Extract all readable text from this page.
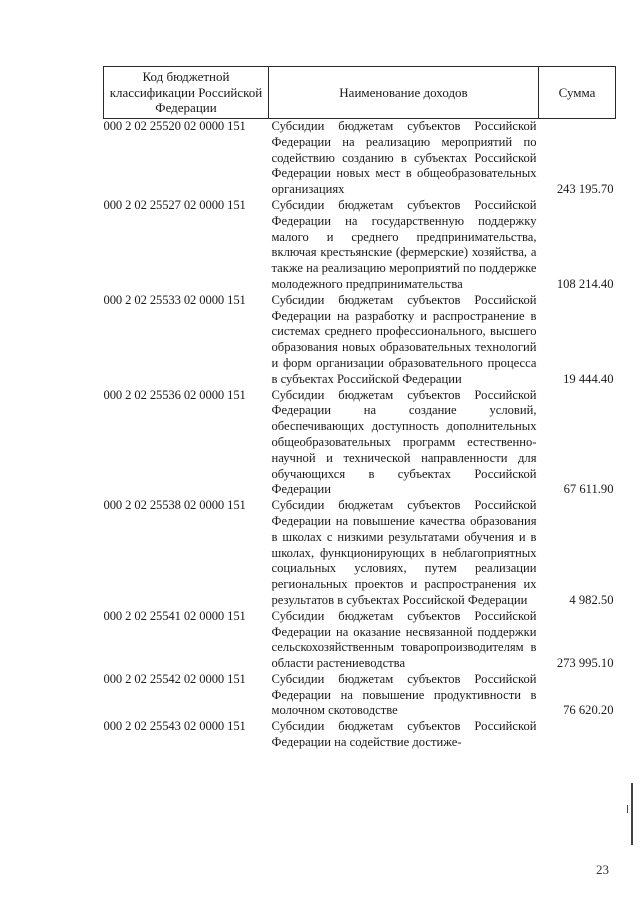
Код бюджетной классификации Российской Федерации	Наименование доходов	Сумма
000 2 02 25520 02 0000 151	Субсидии бюджетам субъектов Российской Федерации на реализацию мероприятий по содействию созданию в субъектах Российской Федерации новых мест в общеобразовательных организациях	243 195.70
000 2 02 25527 02 0000 151	Субсидии бюджетам субъектов Российской Федерации на государственную поддержку малого и среднего предпринимательства, включая крестьянские (фермерские) хозяйства, а также на реализацию мероприятий по поддержке молодежного предпринимательства	108 214.40
000 2 02 25533 02 0000 151	Субсидии бюджетам субъектов Российской Федерации на разработку и распространение в системах среднего профессионального, высшего образования новых образовательных технологий и форм организации образовательного процесса в субъектах Российской Федерации	19 444.40
000 2 02 25536 02 0000 151	Субсидии бюджетам субъектов Российской Федерации на создание условий, обеспечивающих доступность дополнительных общеобразовательных программ естественно-научной и технической направленности для обучающихся в субъектах Российской Федерации	67 611.90
000 2 02 25538 02 0000 151	Субсидии бюджетам субъектов Российской Федерации на повышение качества образования в школах с низкими результатами обучения и в школах, функционирующих в неблагоприятных социальных условиях, путем реализации региональных проектов и распространения их результатов в субъектах Российской Федерации	4 982.50
000 2 02 25541 02 0000 151	Субсидии бюджетам субъектов Российской Федерации на оказание несвязанной поддержки сельскохозяйственным товаропроизводителям в области растениеводства	273 995.10
000 2 02 25542 02 0000 151	Субсидии бюджетам субъектов Российской Федерации на повышение продуктивности в молочном скотоводстве	76 620.20
000 2 02 25543 02 0000 151	Субсидии бюджетам субъектов Российской Федерации на содействие достиже-	
23
